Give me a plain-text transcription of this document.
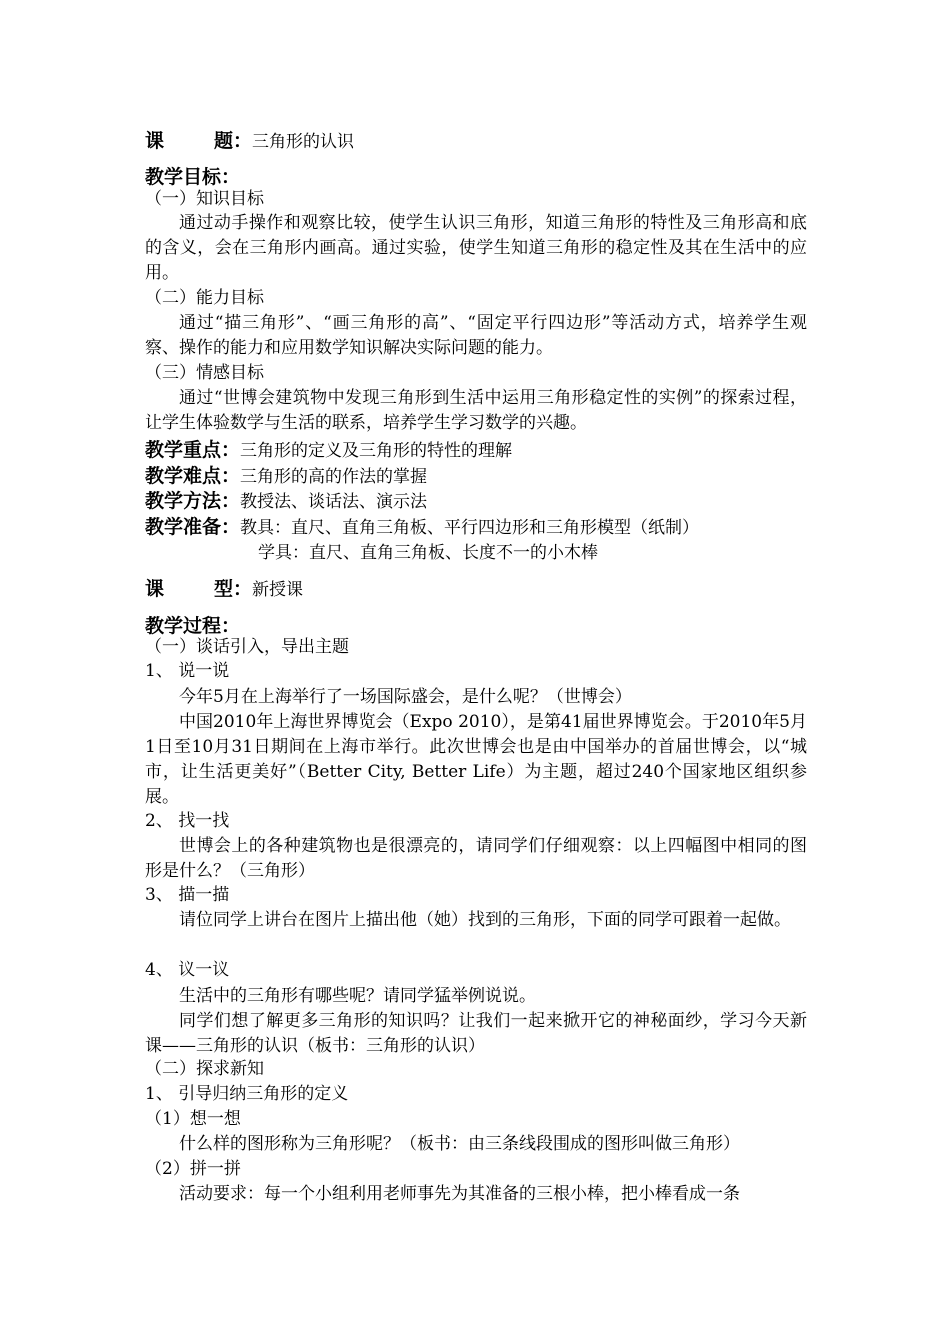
课	题：三角形的认识
教学目标：
（一）知识目标
通过动手操作和观察比较，使学生认识三角形，知道三角形的特性及三角形高和底的含义，会在三角形内画高。通过实验，使学生知道三角形的稳定性及其在生活中的应用。
（二）能力目标
通过“描三角形”、“画三角形的高”、“固定平行四边形”等活动方式，培养学生观察、操作的能力和应用数学知识解决实际问题的能力。
（三）情感目标
通过“世博会建筑物中发现三角形到生活中运用三角形稳定性的实例”的探索过程，让学生体验数学与生活的联系，培养学生学习数学的兴趣。
教学重点：三角形的定义及三角形的特性的理解
教学难点：三角形的高的作法的掌握
教学方法：教授法、谈话法、演示法
教学准备：教具：直尺、直角三角板、平行四边形和三角形模型（纸制）
学具：直尺、直角三角板、长度不一的小木棒
课	型：新授课
教学过程：
（一）谈话引入，导出主题
1、 说一说
今年5月在上海举行了一场国际盛会，是什么呢？（世博会）
中国2010年上海世界博览会（Expo 2010），是第41届世界博览会。于2010年5月1日至10月31日期间在上海市举行。此次世博会也是由中国举办的首届世博会，以“城市，让生活更美好”（Better City, Better Life）为主题，超过240个国家地区组织参展。
2、 找一找
世博会上的各种建筑物也是很漂亮的，请同学们仔细观察：以上四幅图中相同的图形是什么？（三角形）
3、 描一描
请位同学上讲台在图片上描出他（她）找到的三角形，下面的同学可跟着一起做。
4、 议一议
生活中的三角形有哪些呢？请同学猛举例说说。
同学们想了解更多三角形的知识吗？让我们一起来掀开它的神秘面纱，学习今天新课——三角形的认识（板书：三角形的认识）
（二）探求新知
1、 引导归纳三角形的定义
（1）想一想
什么样的图形称为三角形呢？（板书：由三条线段围成的图形叫做三角形）
（2）拼一拼
活动要求：每一个小组利用老师事先为其准备的三根小棒，把小棒看成一条
